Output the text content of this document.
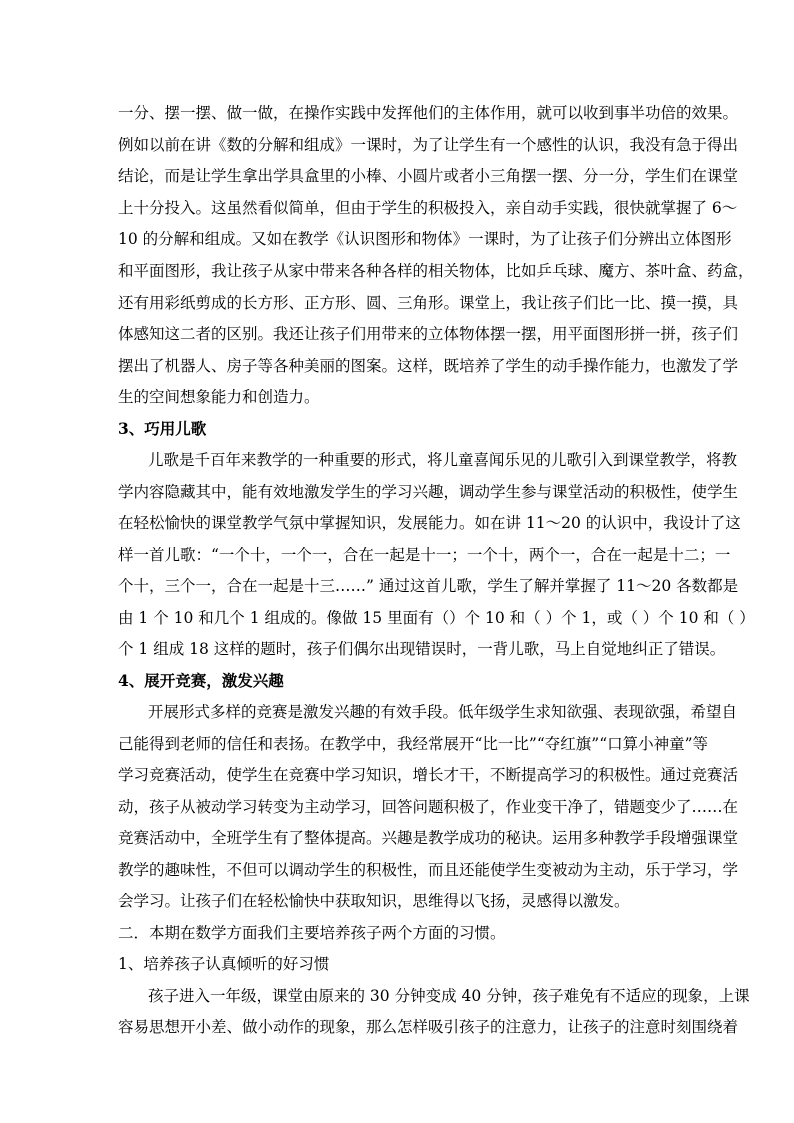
一分、摆一摆、做一做，在操作实践中发挥他们的主体作用，就可以收到事半功倍的效果。
例如以前在讲《数的分解和组成》一课时，为了让学生有一个感性的认识，我没有急于得出
结论，而是让学生拿出学具盒里的小棒、小圆片或者小三角摆一摆、分一分，学生们在课堂
上十分投入。这虽然看似简单，但由于学生的积极投入，亲自动手实践，很快就掌握了 6～
10 的分解和组成。又如在教学《认识图形和物体》一课时，为了让孩子们分辨出立体图形
和平面图形，我让孩子从家中带来各种各样的相关物体，比如乒乓球、魔方、茶叶盒、药盒，
还有用彩纸剪成的长方形、正方形、圆、三角形。课堂上，我让孩子们比一比、摸一摸，具
体感知这二者的区别。我还让孩子们用带来的立体物体摆一摆，用平面图形拼一拼，孩子们
摆出了机器人、房子等各种美丽的图案。这样，既培养了学生的动手操作能力，也激发了学
生的空间想象能力和创造力。
3、巧用儿歌
儿歌是千百年来教学的一种重要的形式，将儿童喜闻乐见的儿歌引入到课堂教学，将教
学内容隐藏其中，能有效地激发学生的学习兴趣，调动学生参与课堂活动的积极性，使学生
在轻松愉快的课堂教学气氛中掌握知识，发展能力。如在讲 11～20 的认识中，我设计了这
样一首儿歌：“一个十，一个一，合在一起是十一；一个十，两个一，合在一起是十二；一
个十，三个一，合在一起是十三……” 通过这首儿歌，学生了解并掌握了 11～20 各数都是
由 1 个 10 和几个 1 组成的。像做 15 里面有（）个 10 和（ ）个 1，或（ ）个 10 和（ ）
个 1 组成 18 这样的题时，孩子们偶尔出现错误时，一背儿歌，马上自觉地纠正了错误。
4、展开竞赛，激发兴趣
开展形式多样的竞赛是激发兴趣的有效手段。低年级学生求知欲强、表现欲强，希望自
己能得到老师的信任和表扬。在教学中，我经常展开“比一比”“夺红旗”“口算小神童”等
学习竞赛活动，使学生在竞赛中学习知识，增长才干，不断提高学习的积极性。通过竞赛活
动，孩子从被动学习转变为主动学习，回答问题积极了，作业变干净了，错题变少了……在
竞赛活动中，全班学生有了整体提高。兴趣是教学成功的秘诀。运用多种教学手段增强课堂
教学的趣味性，不但可以调动学生的积极性，而且还能使学生变被动为主动，乐于学习，学
会学习。让孩子们在轻松愉快中获取知识，思维得以飞扬，灵感得以激发。
二．本期在数学方面我们主要培养孩子两个方面的习惯。
1、培养孩子认真倾听的好习惯
孩子进入一年级，课堂由原来的 30 分钟变成 40 分钟，孩子难免有不适应的现象，上课
容易思想开小差、做小动作的现象，那么怎样吸引孩子的注意力，让孩子的注意时刻围绕着
